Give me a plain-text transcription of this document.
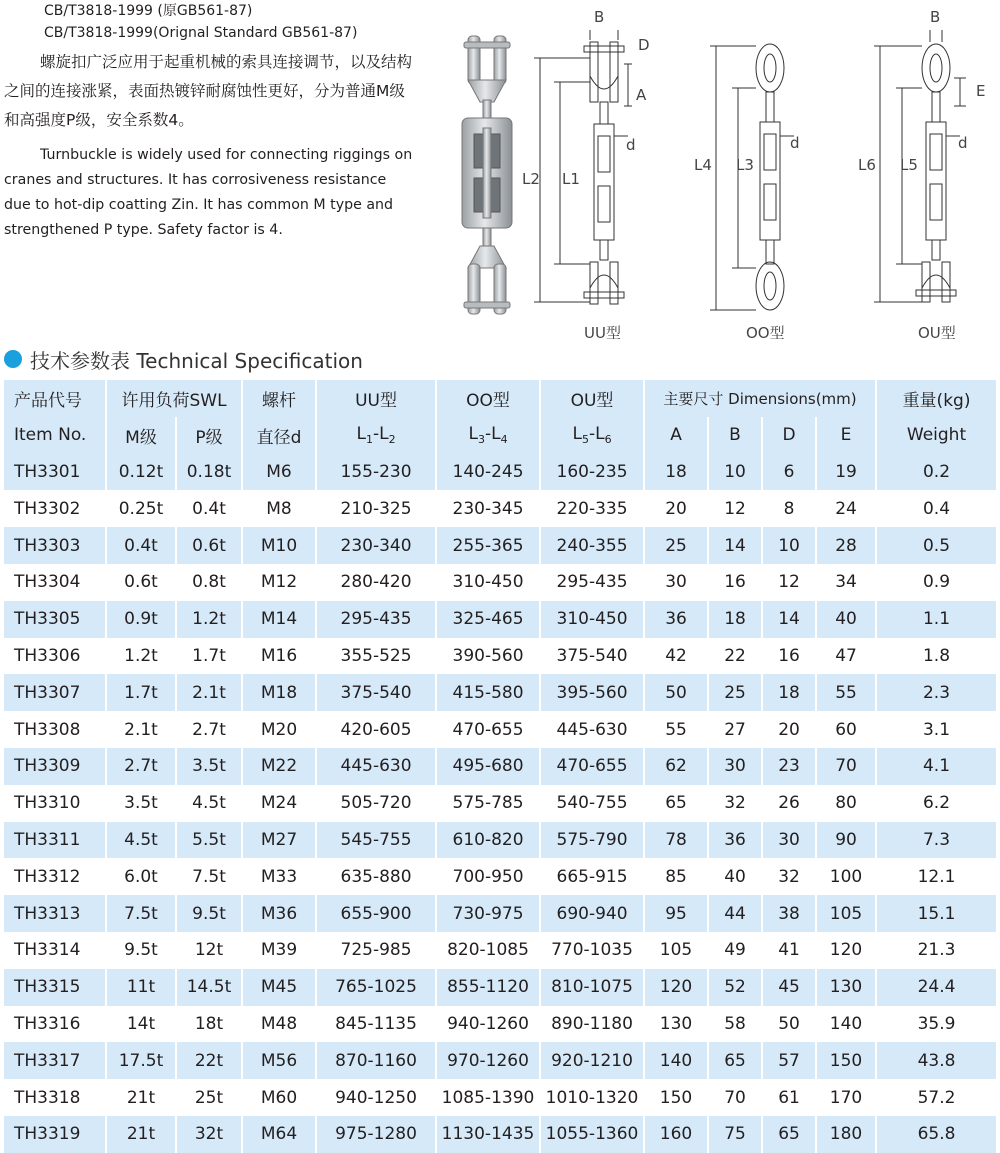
CB/T3818-1999 (原GB561-87)
CB/T3818-1999(Orignal Standard GB561-87)

螺旋扣广泛应用于起重机械的索具连接调节，以及结构之间的连接涨紧，表面热镀锌耐腐蚀性更好，分为普通M级和高强度P级，安全系数4。

Turnbuckle is widely used for connecting riggings on cranes and structures. It has corrosiveness resistance due to hot-dip coatting Zin. It has common M type and strengthened P type. Safety factor is 4.

B
D
A
L2 L1
d
UU型
L4 L3
d
OO型
B
E
L6 L5
d
OU型
技术参数表 Technical Specification
产品代号	许用负荷SWL		螺杆	UU型	OO型	OU型	主要尺寸 Dimensions(mm)				重量(kg)
Item No.	M级	P级	直径d	$L_1-L_2$	$L_3-L_4$	$L_5-L_6$	A	B	D	E	Weight
TH3301	0.12t	0.18t	M6	155-230	140-245	160-235	18	10	6	19	0.2
TH3302	0.25t	0.4t	M8	210-325	230-345	220-335	20	12	8	24	0.4
TH3303	0.4t	0.6t	M10	230-340	255-365	240-355	25	14	10	28	0.5
TH3304	0.6t	0.8t	M12	280-420	310-450	295-435	30	16	12	34	0.9
TH3305	0.9t	1.2t	M14	295-435	325-465	310-450	36	18	14	40	1.1
TH3306	1.2t	1.7t	M16	355-525	390-560	375-540	42	22	16	47	1.8
TH3307	1.7t	2.1t	M18	375-540	415-580	395-560	50	25	18	55	2.3
TH3308	2.1t	2.7t	M20	420-605	470-655	445-630	55	27	20	60	3.1
TH3309	2.7t	3.5t	M22	445-630	495-680	470-655	62	30	23	70	4.1
TH3310	3.5t	4.5t	M24	505-720	575-785	540-755	65	32	26	80	6.2
TH3311	4.5t	5.5t	M27	545-755	610-820	575-790	78	36	30	90	7.3
TH3312	6.0t	7.5t	M33	635-880	700-950	665-915	85	40	32	100	12.1
TH3313	7.5t	9.5t	M36	655-900	730-975	690-940	95	44	38	105	15.1
TH3314	9.5t	12t	M39	725-985	820-1085	770-1035	105	49	41	120	21.3
TH3315	11t	14.5t	M45	765-1025	855-1120	810-1075	120	52	45	130	24.4
TH3316	14t	18t	M48	845-1135	940-1260	890-1180	130	58	50	140	35.9
TH3317	17.5t	22t	M56	870-1160	970-1260	920-1210	140	65	57	150	43.8
TH3318	21t	25t	M60	940-1250	1085-1390	1010-1320	150	70	61	170	57.2
TH3319	21t	32t	M64	975-1280	1130-1435	1055-1360	160	75	65	180	65.8
